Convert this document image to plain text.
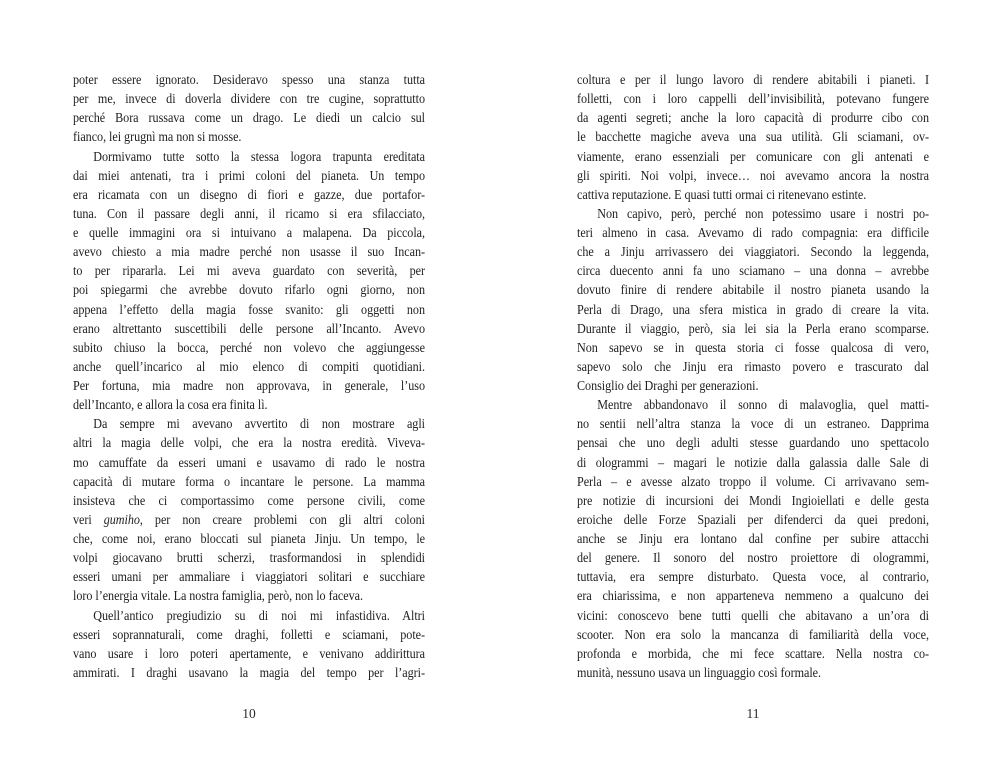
poter essere ignorato. Desideravo spesso una stanza tutta
per me, invece di doverla dividere con tre cugine, soprattutto
perché Bora russava come un drago. Le diedi un calcio sul
fianco, lei grugnì ma non si mosse.
Dormivamo tutte sotto la stessa logora trapunta ereditata
dai miei antenati, tra i primi coloni del pianeta. Un tempo
era ricamata con un disegno di fiori e gazze, due portafor-
tuna. Con il passare degli anni, il ricamo si era sfilacciato,
e quelle immagini ora si intuivano a malapena. Da piccola,
avevo chiesto a mia madre perché non usasse il suo Incan-
to per ripararla. Lei mi aveva guardato con severità, per
poi spiegarmi che avrebbe dovuto rifarlo ogni giorno, non
appena l’effetto della magia fosse svanito: gli oggetti non
erano altrettanto suscettibili delle persone all’Incanto. Avevo
subito chiuso la bocca, perché non volevo che aggiungesse
anche quell’incarico al mio elenco di compiti quotidiani.
Per fortuna, mia madre non approvava, in generale, l’uso
dell’Incanto, e allora la cosa era finita lì.
Da sempre mi avevano avvertito di non mostrare agli
altri la magia delle volpi, che era la nostra eredità. Viveva-
mo camuffate da esseri umani e usavamo di rado le nostra
capacità di mutare forma o incantare le persone. La mamma
insisteva che ci comportassimo come persone civili, come
veri gumiho, per non creare problemi con gli altri coloni
che, come noi, erano bloccati sul pianeta Jinju. Un tempo, le
volpi giocavano brutti scherzi, trasformandosi in splendidi
esseri umani per ammaliare i viaggiatori solitari e succhiare
loro l’energia vitale. La nostra famiglia, però, non lo faceva.
Quell’antico pregiudizio su di noi mi infastidiva. Altri
esseri soprannaturali, come draghi, folletti e sciamani, pote-
vano usare i loro poteri apertamente, e venivano addirittura
ammirati. I draghi usavano la magia del tempo per l’agri-
coltura e per il lungo lavoro di rendere abitabili i pianeti. I
folletti, con i loro cappelli dell’invisibilità, potevano fungere
da agenti segreti; anche la loro capacità di produrre cibo con
le bacchette magiche aveva una sua utilità. Gli sciamani, ov-
viamente, erano essenziali per comunicare con gli antenati e
gli spiriti. Noi volpi, invece… noi avevamo ancora la nostra
cattiva reputazione. E quasi tutti ormai ci ritenevano estinte.
Non capivo, però, perché non potessimo usare i nostri po-
teri almeno in casa. Avevamo di rado compagnia: era difficile
che a Jinju arrivassero dei viaggiatori. Secondo la leggenda,
circa duecento anni fa uno sciamano – una donna – avrebbe
dovuto finire di rendere abitabile il nostro pianeta usando la
Perla di Drago, una sfera mistica in grado di creare la vita.
Durante il viaggio, però, sia lei sia la Perla erano scomparse.
Non sapevo se in questa storia ci fosse qualcosa di vero,
sapevo solo che Jinju era rimasto povero e trascurato dal
Consiglio dei Draghi per generazioni.
Mentre abbandonavo il sonno di malavoglia, quel matti-
no sentii nell’altra stanza la voce di un estraneo. Dapprima
pensai che uno degli adulti stesse guardando uno spettacolo
di ologrammi – magari le notizie dalla galassia dalle Sale di
Perla – e avesse alzato troppo il volume. Ci arrivavano sem-
pre notizie di incursioni dei Mondi Ingioiellati e delle gesta
eroiche delle Forze Spaziali per difenderci da quei predoni,
anche se Jinju era lontano dal confine per subire attacchi
del genere. Il sonoro del nostro proiettore di ologrammi,
tuttavia, era sempre disturbato. Questa voce, al contrario,
era chiarissima, e non apparteneva nemmeno a qualcuno dei
vicini: conoscevo bene tutti quelli che abitavano a un’ora di
scooter. Non era solo la mancanza di familiarità della voce,
profonda e morbida, che mi fece scattare. Nella nostra co-
munità, nessuno usava un linguaggio così formale.
10	11
